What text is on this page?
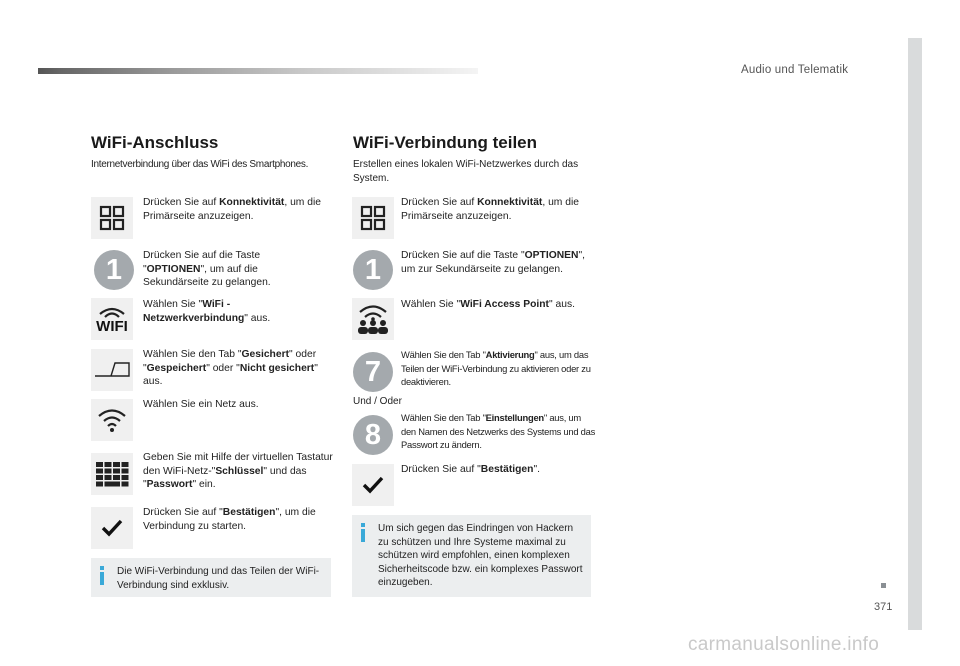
Audio und Telematik
371
carmanualsonline.info
WiFi-Anschluss
Internetverbindung über das WiFi des Smartphones.
Drücken Sie auf Konnektivität, um die Primärseite anzuzeigen.
1	Drücken Sie auf die Taste "OPTIONEN", um auf die Sekundärseite zu gelangen.
WIFI
Wählen Sie "WiFi -Netzwerkverbindung" aus.
Wählen Sie den Tab "Gesichert" oder "Gespeichert" oder "Nicht gesichert" aus.
Wählen Sie ein Netz aus.
Geben Sie mit Hilfe der virtuellen Tastatur den WiFi-Netz-"Schlüssel" und das "Passwort" ein.
Drücken Sie auf "Bestätigen", um die Verbindung zu starten.
Die WiFi-Verbindung und das Teilen der WiFi-Verbindung sind exklusiv.
WiFi-Verbindung teilen
Erstellen eines lokalen WiFi-Netzwerkes durch das System.
Drücken Sie auf Konnektivität, um die Primärseite anzuzeigen.
1	Drücken Sie auf die Taste "OPTIONEN", um zur Sekundärseite zu gelangen.
Wählen Sie "WiFi Access Point" aus.
7
Wählen Sie den Tab "Aktivierung" aus, um das Teilen der WiFi-Verbindung zu aktivieren oder zu deaktivieren.
Und / Oder
8
Wählen Sie den Tab "Einstellungen" aus, um den Namen des Netzwerks des Systems und das Passwort zu ändern.
Drücken Sie auf "Bestätigen".
Um sich gegen das Eindringen von Hackern zu schützen und Ihre Systeme maximal zu schützen wird empfohlen, einen komplexen Sicherheitscode bzw. ein komplexes Passwort einzugeben.
